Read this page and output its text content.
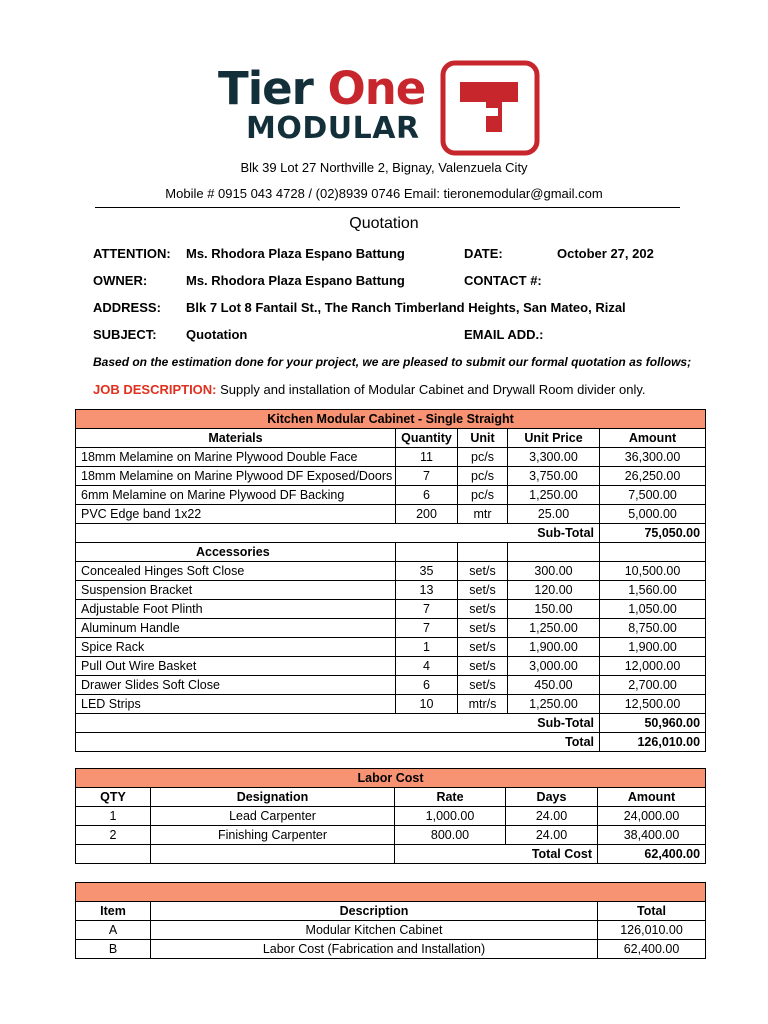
Tier One
MODULAR
Blk 39 Lot 27 Northville 2, Bignay, Valenzuela City
Mobile # 0915 043 4728 / (02)8939 0746 Email: tieronemodular@gmail.com
Quotation
ATTENTION: Ms. Rhodora Plaza Espano Battung	DATE:	October 27, 202
OWNER:	Ms. Rhodora Plaza Espano Battung	CONTACT #:
ADDRESS: Blk 7 Lot 8 Fantail St., The Ranch Timberland Heights, San Mateo, Rizal
SUBJECT: Quotation	EMAIL ADD.:
Based on the estimation done for your project, we are pleased to submit our formal quotation as follows;
JOB DESCRIPTION: Supply and installation of Modular Cabinet and Drywall Room divider only.
Kitchen Modular Cabinet - Single Straight				
Materials	Quantity	Unit	Unit Price	Amount
18mm Melamine on Marine Plywood Double Face	11	pc/s	3,300.00	36,300.00
18mm Melamine on Marine Plywood DF Exposed/Doors	7	pc/s	3,750.00	26,250.00
6mm Melamine on Marine Plywood DF Backing	6	pc/s	1,250.00	7,500.00
PVC Edge band 1x22	200	mtr	25.00	5,000.00
			Sub-Total	75,050.00
Accessories				
Concealed Hinges Soft Close	35	set/s	300.00	10,500.00
Suspension Bracket	13	set/s	120.00	1,560.00
Adjustable Foot Plinth	7	set/s	150.00	1,050.00
Aluminum Handle	7	set/s	1,250.00	8,750.00
Spice Rack	1	set/s	1,900.00	1,900.00
Pull Out Wire Basket	4	set/s	3,000.00	12,000.00
Drawer Slides Soft Close	6	set/s	450.00	2,700.00
LED Strips	10	mtr/s	1,250.00	12,500.00
			Sub-Total	50,960.00
			Total	126,010.00
Labor Cost				
QTY	Designation	Rate	Days	Amount
1	Lead Carpenter	1,000.00	24.00	24,000.00
2	Finishing Carpenter	800.00	24.00	38,400.00
			Total Cost	62,400.00

Item	Description	Total
A	Modular Kitchen Cabinet	126,010.00
B	Labor Cost (Fabrication and Installation)	62,400.00
